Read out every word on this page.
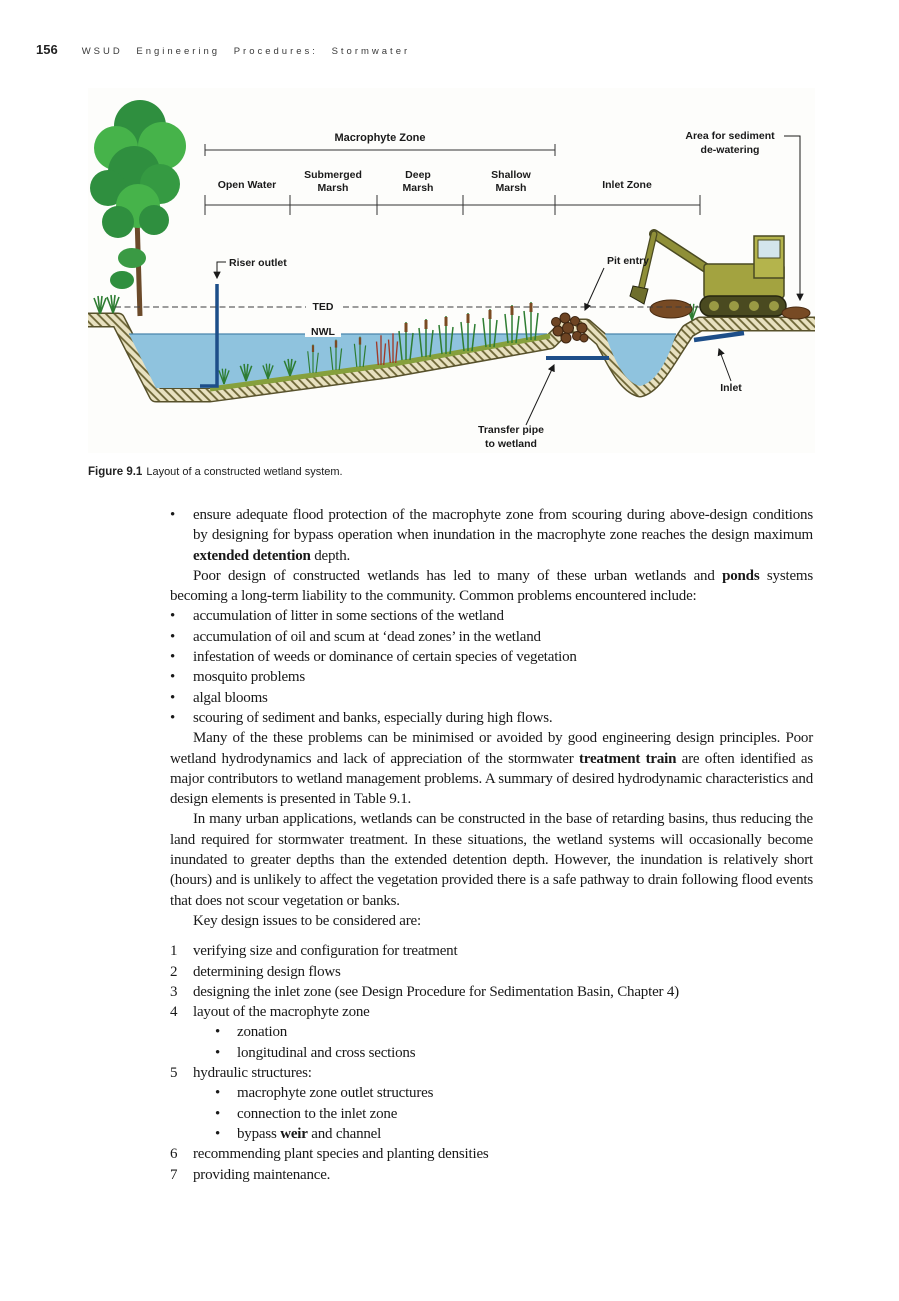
156	WSUD Engineering Procedures: Stormwater
Macrophyte Zone
Open Water
Submerged
Marsh
Deep
Marsh
Shallow
Marsh	Inlet Zone
Area for sediment
de-watering
TED
NWL
Riser outlet	Pit entry
Transfer pipe
to wetland
Inlet

Figure 9.1 Layout of a constructed wetland system.

•	ensure adequate flood protection of the macrophyte zone from scouring during above-design conditions by designing for bypass operation when inundation in the macrophyte zone reaches the design maximum extended detention depth.

Poor design of constructed wetlands has led to many of these urban wetlands and ponds systems becoming a long-term liability to the community. Common problems encountered include:

•	accumulation of litter in some sections of the wetland
•	accumulation of oil and scum at ‘dead zones’ in the wetland
•	infestation of weeds or dominance of certain species of vegetation
•	mosquito problems
•	algal blooms
•	scouring of sediment and banks, especially during high flows.

Many of the these problems can be minimised or avoided by good engineering design principles. Poor wetland hydrodynamics and lack of appreciation of the stormwater treatment train are often identified as major contributors to wetland management problems. A summary of desired hydrodynamic characteristics and design elements is presented in Table 9.1.

In many urban applications, wetlands can be constructed in the base of retarding basins, thus reducing the land required for stormwater treatment. In these situations, the wetland systems will occasionally become inundated to greater depths than the extended detention depth. However, the inundation is relatively short (hours) and is unlikely to affect the vegetation provided there is a safe pathway to drain following flood events that does not scour vegetation or banks.

Key design issues to be considered are:

1	verifying size and configuration for treatment
2	determining design flows
3	designing the inlet zone (see Design Procedure for Sedimentation Basin, Chapter 4)
4	layout of the macrophyte zone
•	zonation
•	longitudinal and cross sections
5	hydraulic structures:
•	macrophyte zone outlet structures
•	connection to the inlet zone
•	bypass weir and channel
6	recommending plant species and planting densities
7	providing maintenance.
